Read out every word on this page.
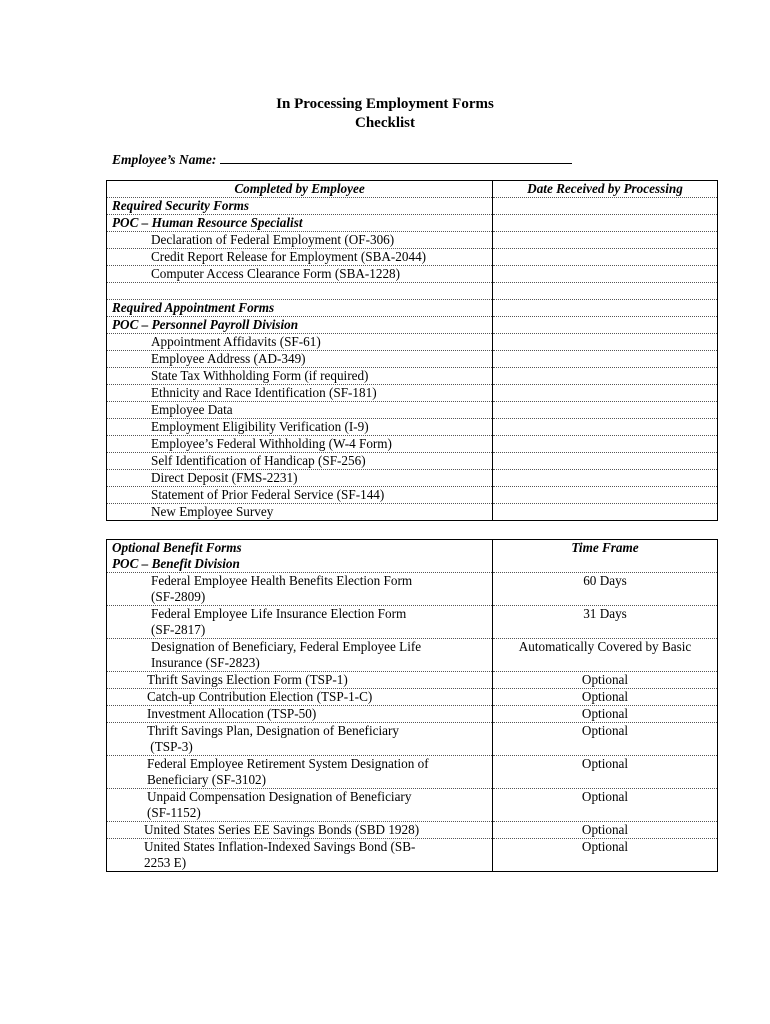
In Processing Employment Forms
Checklist
Employee’s Name:
Completed by Employee	Date Received by Processing
Required Security Forms	
POC – Human Resource Specialist	
Declaration of Federal Employment (OF-306)	
Credit Report Release for Employment (SBA-2044)	
Computer Access Clearance Form (SBA-1228)	

Required Appointment Forms	
POC – Personnel Payroll Division	
Appointment Affidavits (SF-61)	
Employee Address (AD-349)	
State Tax Withholding Form (if required)	
Ethnicity and Race Identification (SF-181)	
Employee Data	
Employment Eligibility Verification (I-9)	
Employee’s Federal Withholding (W-4 Form)	
Self Identification of Handicap (SF-256)	
Direct Deposit (FMS-2231)	
Statement of Prior Federal Service (SF-144)	
New Employee Survey	
Optional Benefit Forms
POC – Benefit Division	Time Frame

Federal Employee Health Benefits Election Form
(SF-2809)	60 Days

Federal Employee Life Insurance Election Form
(SF-2817)	31 Days

Designation of Beneficiary, Federal Employee Life
Insurance (SF-2823)	Automatically Covered by Basic
Thrift Savings Election Form (TSP-1)	Optional
Catch-up Contribution Election (TSP-1-C)	Optional
Investment Allocation (TSP-50)	Optional

Thrift Savings Plan, Designation of Beneficiary
(TSP-3)	Optional

Federal Employee Retirement System Designation of
Beneficiary (SF-3102)	Optional

Unpaid Compensation Designation of Beneficiary
(SF-1152)	Optional
United States Series EE Savings Bonds (SBD 1928)	Optional

United States Inflation-Indexed Savings Bond (SB-
2253 E)	Optional
